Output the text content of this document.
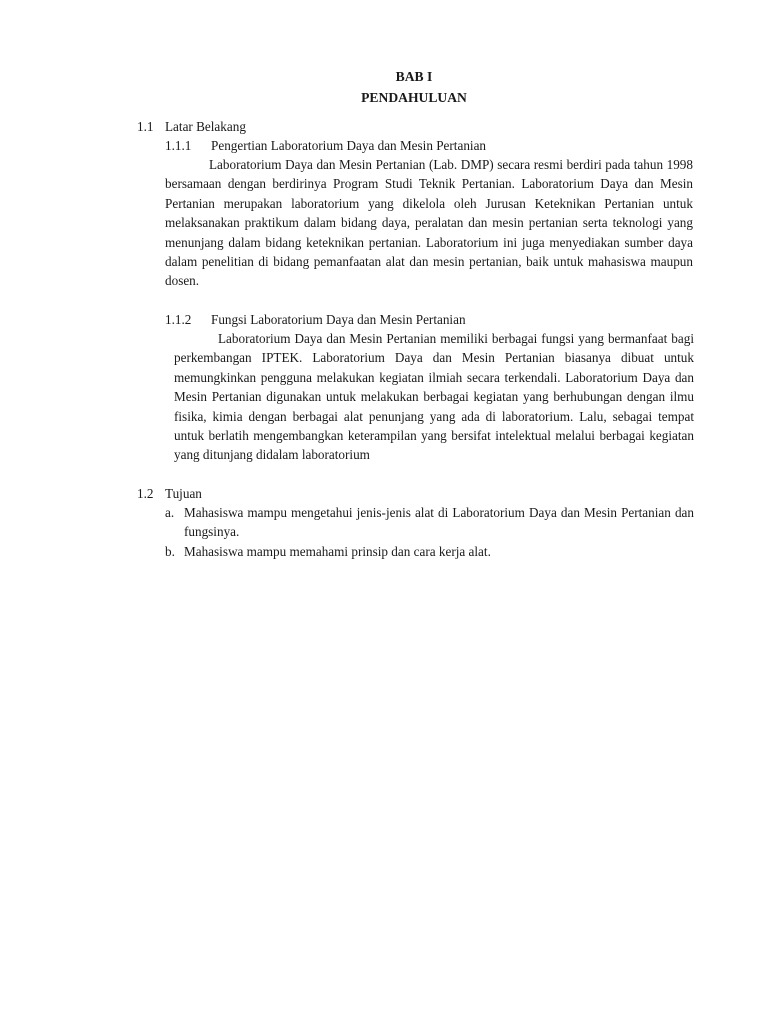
BAB I
PENDAHULUAN
1.1 Latar Belakang
1.1.1 Pengertian Laboratorium Daya dan Mesin Pertanian

Laboratorium Daya dan Mesin Pertanian (Lab. DMP) secara resmi berdiri pada tahun 1998 bersamaan dengan berdirinya Program Studi Teknik Pertanian. Laboratorium Daya dan Mesin Pertanian merupakan laboratorium yang dikelola oleh Jurusan Keteknikan Pertanian untuk melaksanakan praktikum dalam bidang daya, peralatan dan mesin pertanian serta teknologi yang menunjang dalam bidang keteknikan pertanian. Laboratorium ini juga menyediakan sumber daya dalam penelitian di bidang pemanfaatan alat dan mesin pertanian, baik untuk mahasiswa maupun dosen.

1.1.2 Fungsi Laboratorium Daya dan Mesin Pertanian

Laboratorium Daya dan Mesin Pertanian memiliki berbagai fungsi yang bermanfaat bagi perkembangan IPTEK. Laboratorium Daya dan Mesin Pertanian biasanya dibuat untuk memungkinkan pengguna melakukan kegiatan ilmiah secara terkendali. Laboratorium Daya dan Mesin Pertanian digunakan untuk melakukan berbagai kegiatan yang berhubungan dengan ilmu fisika, kimia dengan berbagai alat penunjang yang ada di laboratorium. Lalu, sebagai tempat untuk berlatih mengembangkan keterampilan yang bersifat intelektual melalui berbagai kegiatan yang ditunjang didalam laboratorium

1.2 Tujuan
a. Mahasiswa mampu mengetahui jenis-jenis alat di Laboratorium Daya dan Mesin Pertanian dan fungsinya.
b. Mahasiswa mampu memahami prinsip dan cara kerja alat.
